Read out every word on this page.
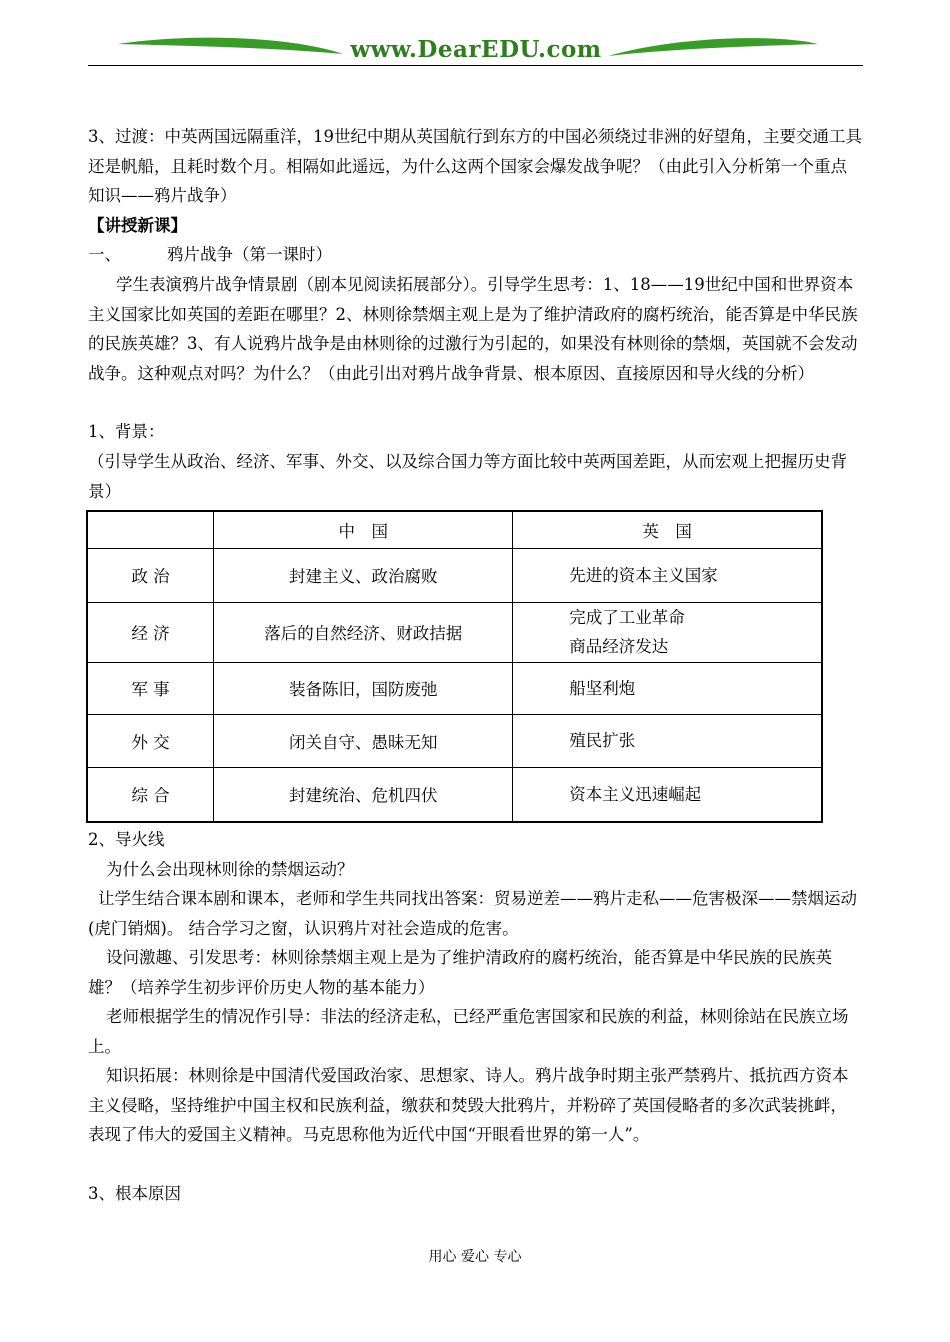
www.DearEDU.com

3、过渡：中英两国远隔重洋，19世纪中期从英国航行到东方的中国必须绕过非洲的好望角，主要交通工具还是帆船，且耗时数个月。相隔如此遥远，为什么这两个国家会爆发战争呢？（由此引入分析第一个重点知识——鸦片战争）

【讲授新课】

一、	鸦片战争（第一课时）

学生表演鸦片战争情景剧（剧本见阅读拓展部分）。引导学生思考：1、18——19世纪中国和世界资本主义国家比如英国的差距在哪里？2、林则徐禁烟主观上是为了维护清政府的腐朽统治，能否算是中华民族的民族英雄？3、有人说鸦片战争是由林则徐的过激行为引起的，如果没有林则徐的禁烟，英国就不会发动战争。这种观点对吗？为什么？（由此引出对鸦片战争背景、根本原因、直接原因和导火线的分析）

1、背景：

（引导学生从政治、经济、军事、外交、以及综合国力等方面比较中英两国差距，从而宏观上把握历史背景）

	中　国	英　国
政 治	封建主义、政治腐败	先进的资本主义国家
经 济	落后的自然经济、财政拮据	完成了工业革命
商品经济发达

军 事	装备陈旧，国防废弛	船坚利炮
外 交	闭关自守、愚昧无知	殖民扩张
综 合	封建统治、危机四伏	资本主义迅速崛起

2、导火线

为什么会出现林则徐的禁烟运动？

让学生结合课本剧和课本，老师和学生共同找出答案：贸易逆差——鸦片走私——危害极深——禁烟运动(虎门销烟)。 结合学习之窗，认识鸦片对社会造成的危害。

设问激趣、引发思考：林则徐禁烟主观上是为了维护清政府的腐朽统治，能否算是中华民族的民族英雄？（培养学生初步评价历史人物的基本能力）

老师根据学生的情况作引导：非法的经济走私，已经严重危害国家和民族的利益，林则徐站在民族立场上。

知识拓展：林则徐是中国清代爱国政治家、思想家、诗人。鸦片战争时期主张严禁鸦片、抵抗西方资本主义侵略，坚持维护中国主权和民族利益，缴获和焚毁大批鸦片，并粉碎了英国侵略者的多次武装挑衅，表现了伟大的爱国主义精神。马克思称他为近代中国“开眼看世界的第一人”。

3、根本原因

用心 爱心 专心
